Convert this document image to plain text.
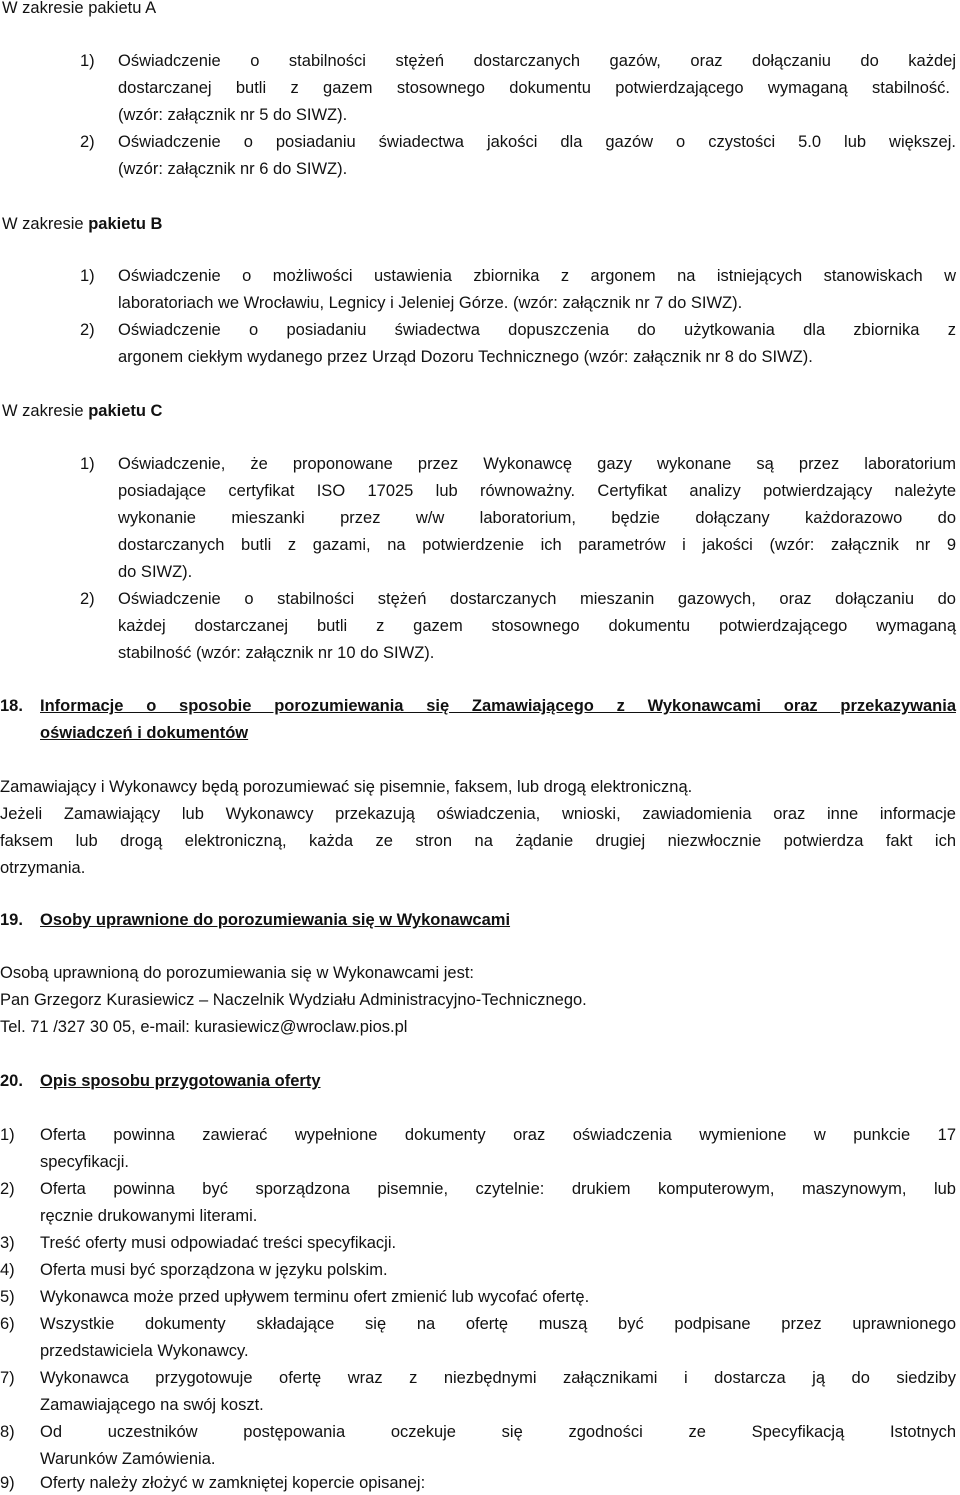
W zakresie pakietu A
1) Oświadczenie o stabilności stężeń dostarczanych gazów, oraz dołączaniu do każdej
dostarczanej butli z gazem stosownego dokumentu potwierdzającego wymaganą stabilność.
(wzór: załącznik nr 5 do SIWZ).
2) Oświadczenie o posiadaniu świadectwa jakości dla gazów o czystości 5.0 lub większej.
(wzór: załącznik nr 6 do SIWZ).
W zakresie pakietu B
1) Oświadczenie o możliwości ustawienia zbiornika z argonem na istniejących stanowiskach w
laboratoriach we Wrocławiu, Legnicy i Jeleniej Górze. (wzór: załącznik nr 7 do SIWZ).
2) Oświadczenie o posiadaniu świadectwa dopuszczenia do użytkowania dla zbiornika z
argonem ciekłym wydanego przez Urząd Dozoru Technicznego (wzór: załącznik nr 8 do SIWZ).
W zakresie pakietu C
1) Oświadczenie, że proponowane przez Wykonawcę gazy wykonane są przez laboratorium
posiadające certyfikat ISO 17025 lub równoważny. Certyfikat analizy potwierdzający należyte
wykonanie mieszanki przez w/w laboratorium, będzie dołączany każdorazowo do
dostarczanych butli z gazami, na potwierdzenie ich parametrów i jakości (wzór: załącznik nr 9
do SIWZ).
2) Oświadczenie o stabilności stężeń dostarczanych mieszanin gazowych, oraz dołączaniu do
każdej dostarczanej butli z gazem stosownego dokumentu potwierdzającego wymaganą
stabilność (wzór: załącznik nr 10 do SIWZ).
18. Informacje o sposobie porozumiewania się Zamawiającego z Wykonawcami oraz przekazywania
oświadczeń i dokumentów
Zamawiający i Wykonawcy będą porozumiewać się pisemnie, faksem, lub drogą elektroniczną.
Jeżeli Zamawiający lub Wykonawcy przekazują oświadczenia, wnioski, zawiadomienia oraz inne informacje
faksem lub drogą elektroniczną, każda ze stron na żądanie drugiej niezwłocznie potwierdza fakt ich
otrzymania.
19. Osoby uprawnione do porozumiewania się w Wykonawcami
Osobą uprawnioną do porozumiewania się w Wykonawcami jest:
Pan Grzegorz Kurasiewicz – Naczelnik Wydziału Administracyjno-Technicznego.
Tel. 71 /327 30 05, e-mail: kurasiewicz@wroclaw.pios.pl
20. Opis sposobu przygotowania oferty
1) Oferta powinna zawierać wypełnione dokumenty oraz oświadczenia wymienione w punkcie 17
specyfikacji.
2) Oferta powinna być sporządzona pisemnie, czytelnie: drukiem komputerowym, maszynowym, lub
ręcznie drukowanymi literami.
3) Treść oferty musi odpowiadać treści specyfikacji.
4) Oferta musi być sporządzona w języku polskim.
5) Wykonawca może przed upływem terminu ofert zmienić lub wycofać ofertę.
6) Wszystkie dokumenty składające się na ofertę muszą być podpisane przez uprawnionego
przedstawiciela Wykonawcy.
7) Wykonawca przygotowuje ofertę wraz z niezbędnymi załącznikami i dostarcza ją do siedziby
Zamawiającego na swój koszt.
8) Od uczestników postępowania oczekuje się zgodności ze Specyfikacją Istotnych
Warunków Zamówienia.
9) Oferty należy złożyć w zamkniętej kopercie opisanej:
